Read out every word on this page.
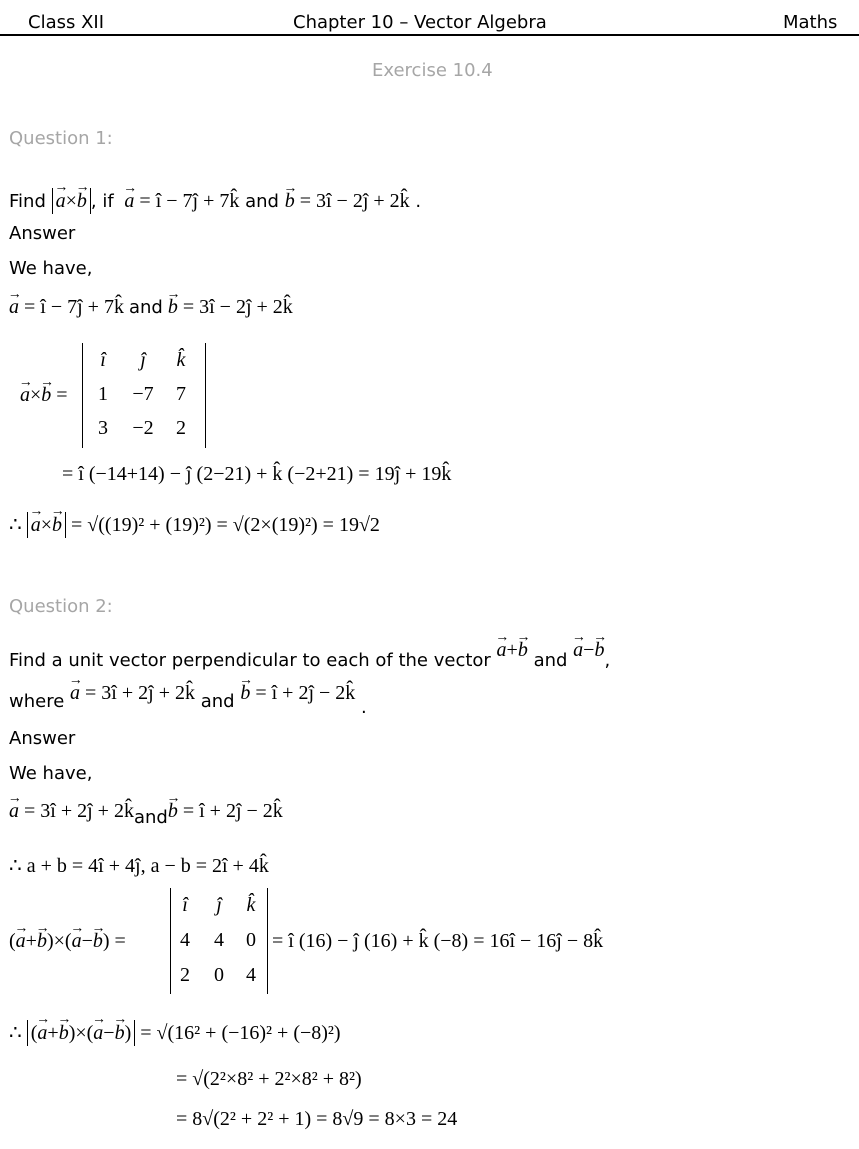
Class XII	Chapter 10 – Vector Algebra	Maths
Exercise 10.4
Question 1:
Find → a×→ b , if → a = î − 7ĵ + 7k̂ and → b = 3î − 2ĵ + 2k̂ .
Answer
We have,
→ a = î − 7ĵ + 7k̂ and → b = 3î − 2ĵ + 2k̂
→ a×→ b =
î	ĵ	k̂
1	−7	7
3	−2	2
= î (−14+14) − ĵ (2−21) + k̂ (−2+21) = 19ĵ + 19k̂
∴ → a×→ b = √((19)² + (19)²) = √(2×(19)²) = 19√2
Question 2:
Find a unit vector perpendicular to each of the vector → a+→ b and → a−→ b,
where → a = 3î + 2ĵ + 2k̂ and → b = î + 2ĵ − 2k̂ .
Answer
We have,
→ a = 3î + 2ĵ + 2k̂and→ b = î + 2ĵ − 2k̂
∴ a + b = 4î + 4ĵ, a − b = 2î + 4k̂
(→ a+→ b)×(→ a−→ b) =
î	ĵ	k̂
4	4	0
2	0	4
= î (16) − ĵ (16) + k̂ (−8) = 16î − 16ĵ − 8k̂
∴ (→ a+→ b)×(→ a−→ b) = √(16² + (−16)² + (−8)²)
= √(2²×8² + 2²×8² + 8²)
= 8√(2² + 2² + 1) = 8√9 = 8×3 = 24
